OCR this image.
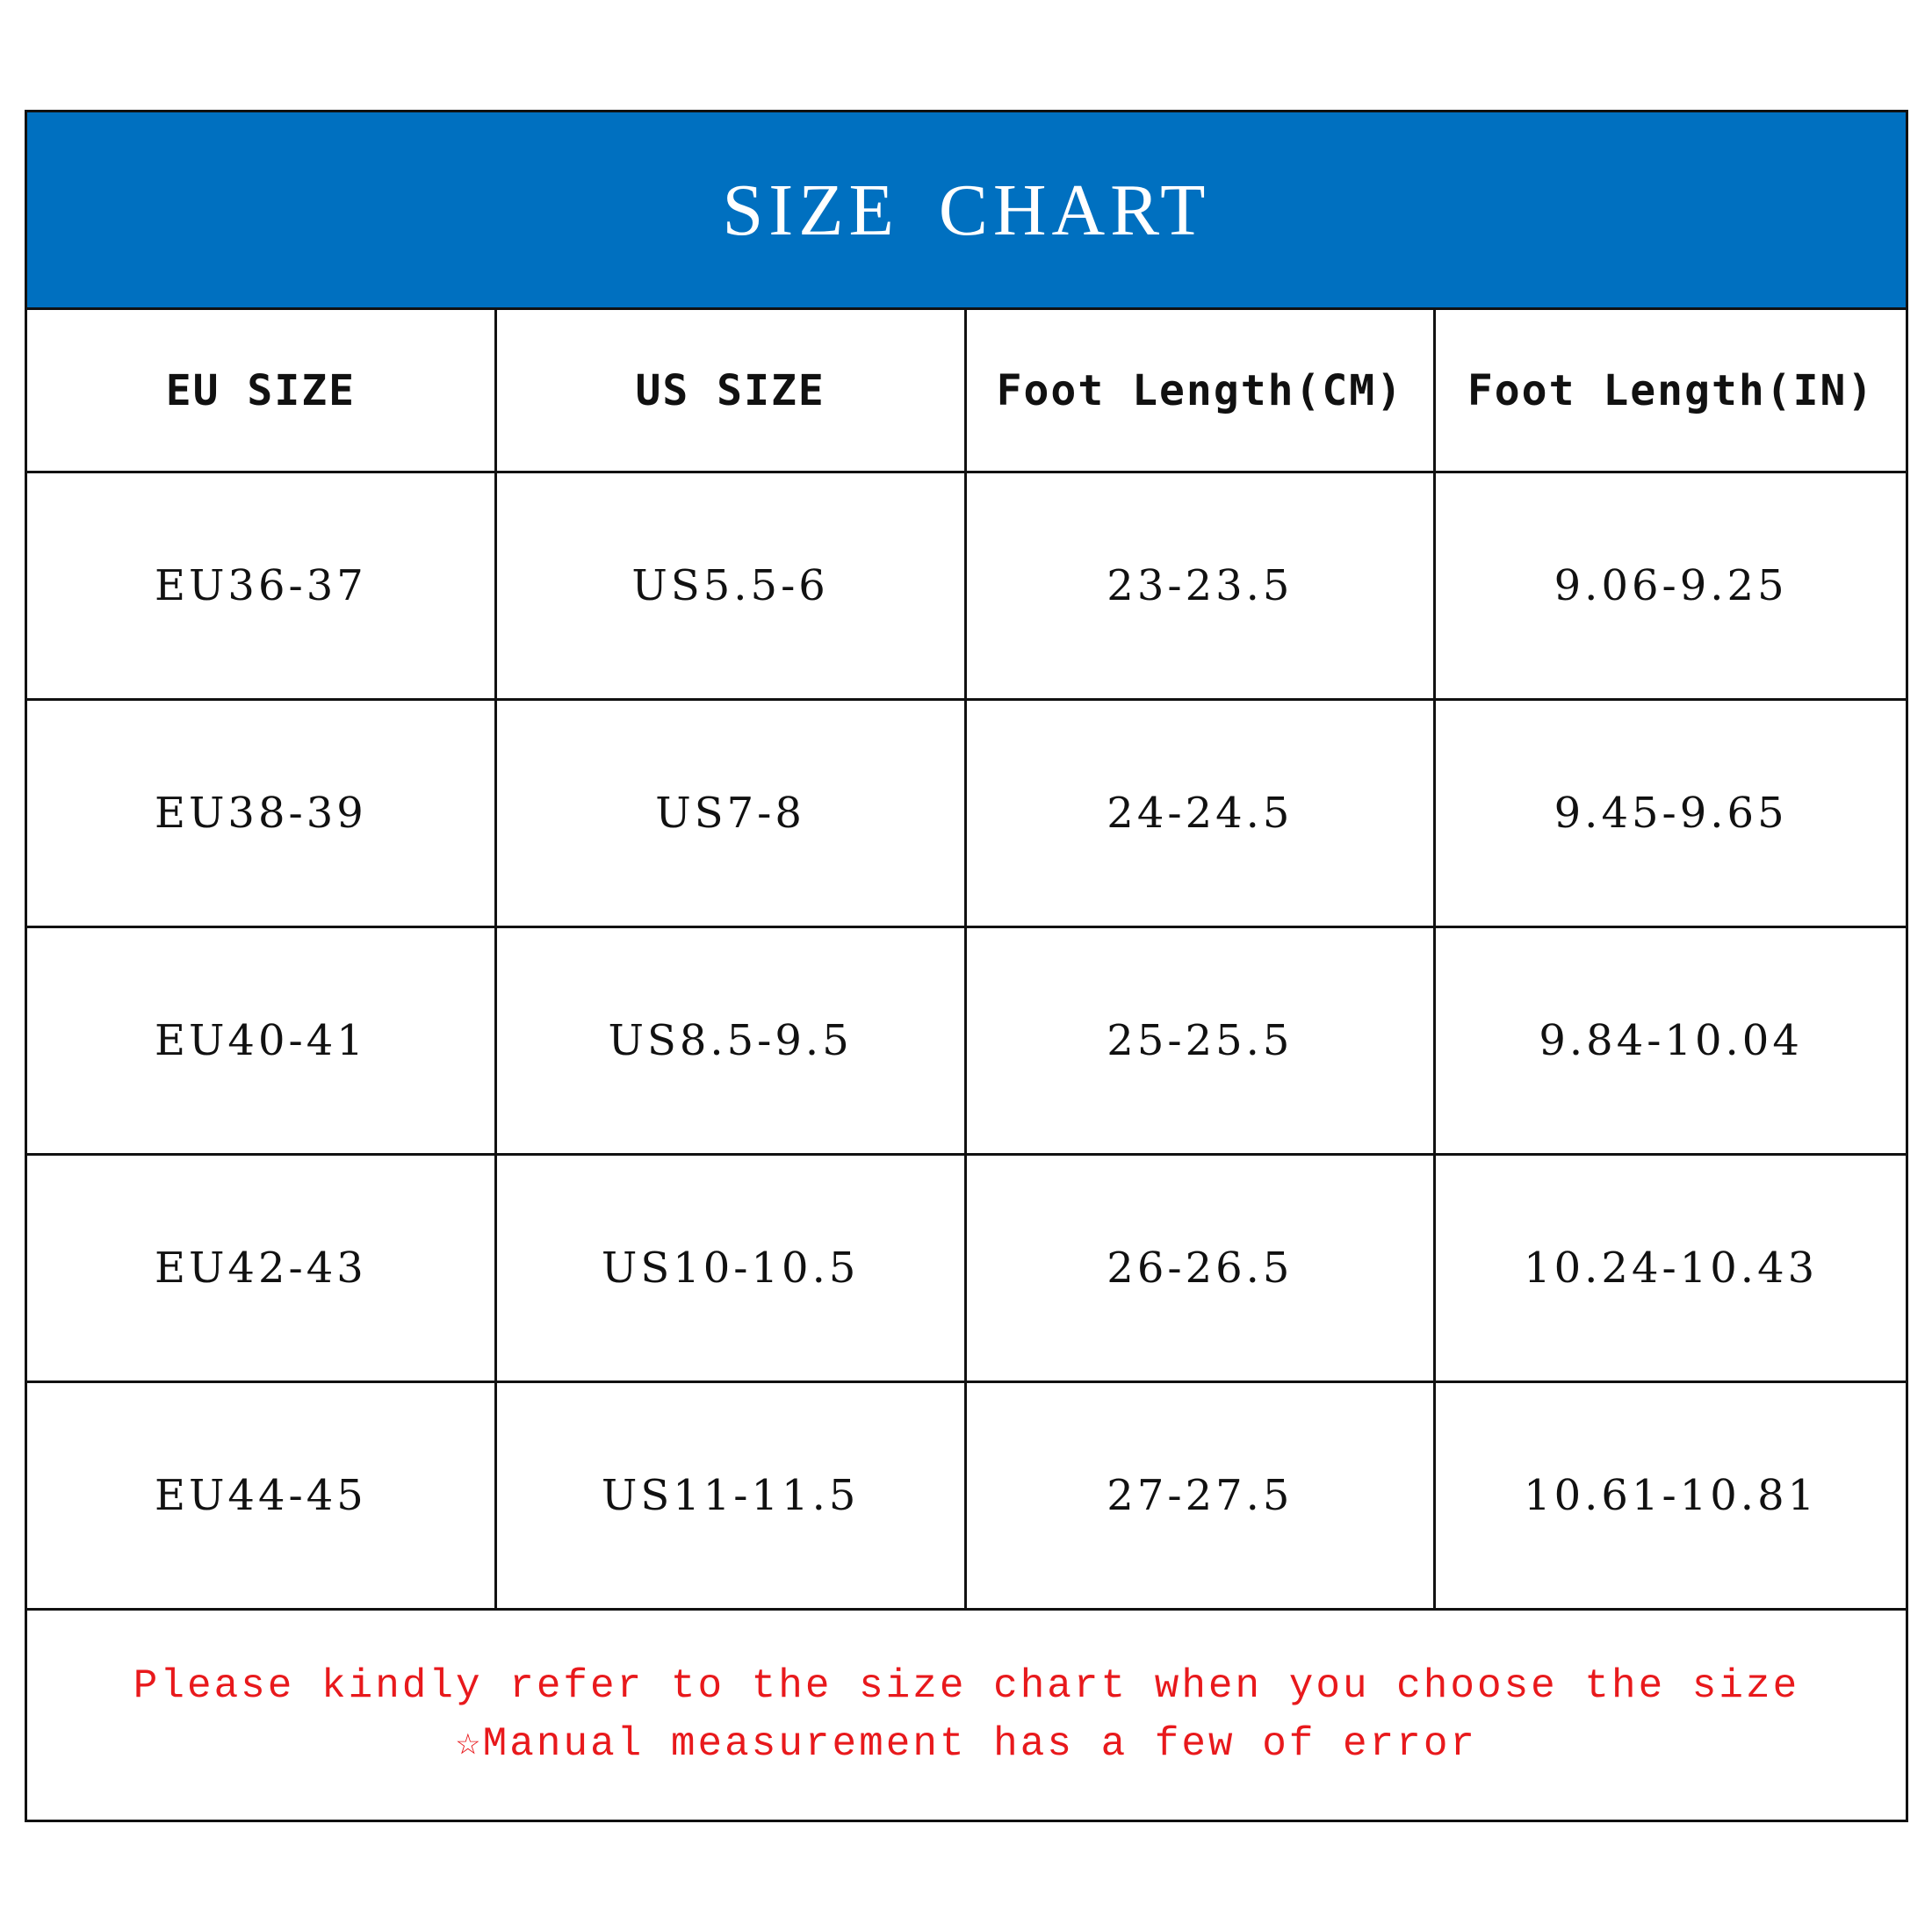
SIZE CHART
EU SIZE	US SIZE	Foot Length(CM)	Foot Length(IN)
EU36-37	US5.5-6	23-23.5	9.06-9.25
EU38-39	US7-8	24-24.5	9.45-9.65
EU40-41	US8.5-9.5	25-25.5	9.84-10.04
EU42-43	US10-10.5	26-26.5	10.24-10.43
EU44-45	US11-11.5	27-27.5	10.61-10.81
Please kindly refer to the size chart when you choose the size
☆Manual measurement has a few of error
